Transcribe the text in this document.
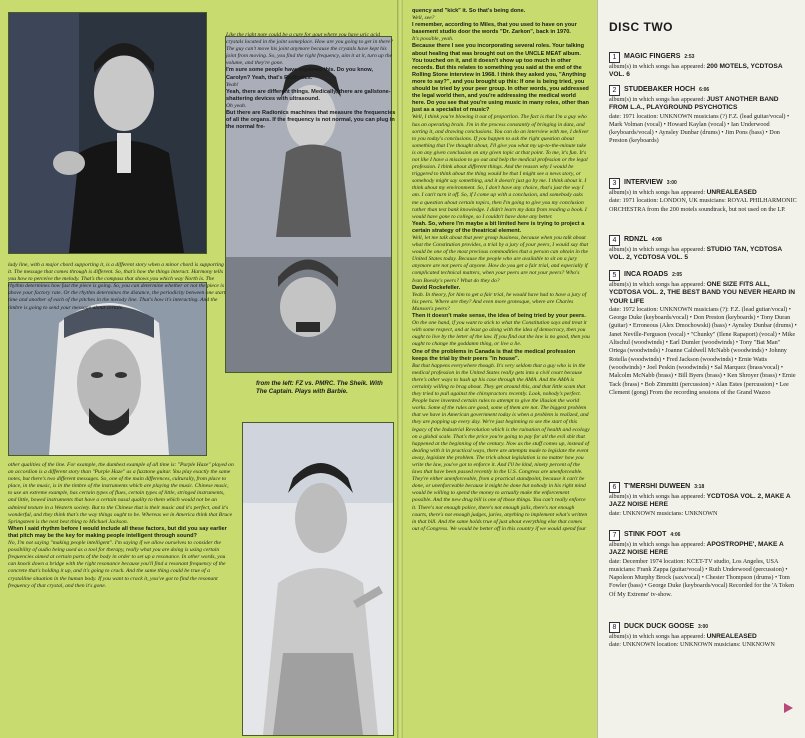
from the left: FZ vs. PMRC. The Sheik. With The Captain. Plays with Barbie.
lady line, with a major chord supporting it, is a different story when a minor chord is supporting it. The message that comes through is different. So, that's how the things interact. Harmony tells you how to perceive the melody. That's the compass that shows you which way North is. The rhythm determines how fast the piece is going. So, you can determine whether or not the piece is above your factory rate. Or the rhythm determines the distance, the periodicity between one start time and another of each of the pitches in the melody line. That's how it's interacting. And the timbre is going to send your message about certain

other qualities of the line. For example, the dumbest example of all time is: "Purple Haze" played on an accordion is a different story than "Purple Haze" as a fuzztone guitar. You play exactly the same notes, but there's two different messages. So, one of the main differences, culturally, from place to place, in the music, is in the timbre of the instruments which are playing the music. Chinese music, to use an extreme example, has certain types of flues, certain types of little, stringed instruments, and little, bowed instruments that have a certain nasal quality to them which would not be an admired texture in a Western society. But to the Chinese that is their music and it's perfect, and it's wonderful, and they think that's the way things ought to be. Whereas we in America think that Bruce Springsteen is the next best thing to Michael Jackson.

When I said rhythm before I would include all these factors, but did you say earlier that pitch may be the key for making people intelligent through sound?

No, I'm not saying "making people intelligent". I'm saying if we allow ourselves to consider the possibility of audio being used as a tool for therapy, really what you are doing is using certain frequencies aimed at certain parts of the body in order to set up a resonance. In other words, you can knock down a bridge with the right resonance because you'll find a resonant frequency of the concrete that's holding it up, and it's going to crack. And the same thing could be true of a crystalline situation in the human body. If you want to crack it, you've got to find the resonant frequency of that crystal, and then it's gone.

Like the right note could be a cure for gout where you have uric acid crystals located in the joint someplace. How are you going to get in there? The guy can't move his joint anymore because the crystals have kept his joint from moving. So, you find the right frequency, aim it at it, turn up the volume, and they're gone.

I'm sure some people have explored this. Do you know, Carolyn? Yeah, that's Radionics.

Yeah!

Yeah, there are different things. Medically, there are gallstone-shattering devices with ultrasound.

Oh yeah.

But there are Radionics machines that measure the frequencies of all the organs. If the frequency is not normal, you can plug in the normal fre-

quency and "kick" it. So that's being done.

Well, see?

I remember, according to Miles, that you used to have on your basement studio door the words "Dr. Zarkon", back in 1970.

It's possible, yeah.

Because there I see you incorporating several roles. Your talking about healing that was brought out on the UNCLE MEAT album. You touched on it, and it doesn't show up too much in other records. But this relates to something you said at the end of the Rolling Stone interview in 1968. I think they asked you, "Anything more to say?", and you brought up this: If one is being tried, you should be tried by your peer group. In other words, you addressed the legal world then, and you're addressing the medical world here. Do you see that you're using music in many roles, other than just as a specialist of music?

Well, I think you're blowing it out of proportion. The fact is that I'm a guy who has an operating brain. I'm in the process constantly of bringing in data, and sorting it, and drawing conclusions. You can do an interview with me, I deliver to you today's conclusions. If you happen to ask the right question about something that I've thought about, I'll give you what my up-to-the-minute take is on any given conclusion on any given topic at that point. To me, it's fun. It's not like I have a mission to go out and help the medical profession or the legal profession. I think about different things. And the reason why I would be triggered to think about the thing would be that I might see a news story, or somebody might say something, and it doesn't just go by me. I think about it. I think about my environment. So, I don't have any choice, that's just the way I am. I can't turn it off. So, if I come up with a conclusion, and somebody asks me a question about certain topics, then I'm going to give you my conclusion rather than test bank knowledge. I didn't learn my data from reading a book. I would have gone to college, so I couldn't have done any better.

Yeah. So, where I'm maybe a bit limited here is trying to project a certain strategy of the theatrical element.

Well, let me talk about that peer group business, because when you talk about what the Constitution provides, a trial by a jury of your peers, I would say that would be one of the most precious commodities that a person can obtain in the United States today. Because the people who are available to sit on a jury anymore are not peers of anyone. How do you get a fair trial, and especially if complicated technical matters, when your peers are not your peers? Who's Ivan Boesky's peers? What do they do?

David Rockefeller.

Yeah. In theory, for him to get a fair trial, he would have had to have a jury of his peers. Where are they? And even more grotesque, where are Charles Manson's peers?

Then it doesn't make sense, the idea of being tried by your peers.

On the one hand, if you want to stick to what the Constitution says and treat it with some respect, and at least go along with the idea of democracy, then you ought to live by the letter of the law. If you find out the law is no good, then you ought to change the goddamn thing, or live a lie.

One of the problems in Canada is that the medical profession keeps the trial by their peers "in house".

But that happens everywhere though. It's very seldom that a guy who is in the medical profession in the United States really gets into a civil court because there's other ways to hush up his case through the AMA. And the AMA is certainly willing to brag about. They get around this, and that little scam that they tried to pull against the chiropractors recently. Look, nobody's perfect. People have invented certain rules to attempt to give the illusion the world works. Some of the rules are good, some of them are not. The biggest problem that we have in American government today is when a problem is realized, and they are popping up every day. We're just beginning to see the start of this legacy of the Industrial Revolution which is the ruination of health and ecology on a global scale. That's the price you're going to pay for all the evil shit that happened at the beginning of the century. Now as the stuff comes up, instead of dealing with it in practical ways, there are attempts made to legislate the event away, legislate the problem. The trick about legislation is no matter how you write the law, you've got to enforce it. And I'll be kind, ninety percent of the laws that have been passed recently in the U.S. Congress are unenforceable. They're either unenforceable, from a practical standpoint, because it can't be done, or unenforceable because it might be done but nobody in his right mind would be willing to spend the money to actually make the enforcement possible. And the new drug bill is one of those things. You can't really enforce it. There's not enough police, there's not enough jails, there's not enough courts, there's not enough judges, juries, anything to implement what's written in that bill. And the same holds true of just about everything else that comes out of Congress. We would be better off in this country if we would spend four

DISC TWO
1	MAGIC FINGERS 2:53
album(s) in which songs has appeared: 200 MOTELS, YCDTOSA VOL. 6
2	STUDEBAKER HOCH 6:06
album(s) in which songs has appeared: JUST ANOTHER BAND FROM L.A., PLAYGROUND PSYCHOTICS
date: 1971 location: UNKNOWN musicians (?) F.Z. (lead guitar/vocal) • Mark Volman (vocal) • Howard Kaylan (vocal) • Ian Underwood (keyboards/vocal) • Aynsley Dunbar (drums) • Jim Pons (bass) • Don Preston (keyboards)
3	INTERVIEW 3:00
album(s) in which songs has appeared: UNREALEASED
date: 1971 location: LONDON, UK musicians: ROYAL PHILHARMONIC ORCHESTRA from the 200 motels soundtrack, but not used on the LP.
4	RDNZL 4:08
album(s) in which songs has appeared: STUDIO TAN, YCDTOSA VOL. 2, YCDTOSA VOL. 5
5	INCA ROADS 2:05
album(s) in which songs has appeared: ONE SIZE FITS ALL, YCDTOSA VOL. 2, THE BEST BAND YOU NEVER HEARD IN YOUR LIFE
date: 1972 location: UNKNOWN musicians (?): F.Z. (lead guitar/vocal) • George Duke (keyboards/vocal) • Don Preston (keyboards) • Tony Duran (guitar) • Erroneous (Alex Dmochowski) (bass) • Aynsley Dunbar (drums) • Janet Neville-Ferguson (vocal) • "Chunky" (Ilene Rapaport) (vocal) • Mike Altschul (woodwinds) • Earl Dumler (woodwinds) • Tony "Bat Man" Ortega (woodwinds) • Joanne Caldwell McNabb (woodwinds) • Johnny Rotella (woodwinds) • Fred Jackson (woodwinds) • Ernie Watts (woodwinds) • Joel Peskin (woodwinds) • Sal Marquez (brass/vocal) • Malcolm McNabb (brass) • Bill Byers (brass) • Ken Shroyer (brass) • Ernie Tack (brass) • Bob Zimmitti (percussion) • Alan Estes (percussion) • Lee Clement (gong) From the recording sessions of the Grand Wazoo
6	T'MERSHI DUWEEN 3:18
album(s) in which songs has appeared: YCDTOSA VOL. 2, MAKE A JAZZ NOISE HERE
date: UNKNOWN musicians: UNKNOWN
7	STINK FOOT 4:06
album(s) in which songs has appeared: APOSTROPHE', MAKE A JAZZ NOISE HERE
date: December 1974 location: KCET-TV studio, Los Angeles, USA musicians: Frank Zappa (guitar/vocal) • Ruth Underwood (percussion) • Napoleon Murphy Brock (sax/vocal) • Chester Thompson (drums) • Tom Fowler (bass) • George Duke (keyboards/vocal) Recorded for the 'A Token Of My Extreme' tv-show.
8	DUCK DUCK GOOSE 3:00
album(s) in which songs has appeared: UNREALEASED
date: UNKNOWN location: UNKNOWN musicians: UNKNOWN
